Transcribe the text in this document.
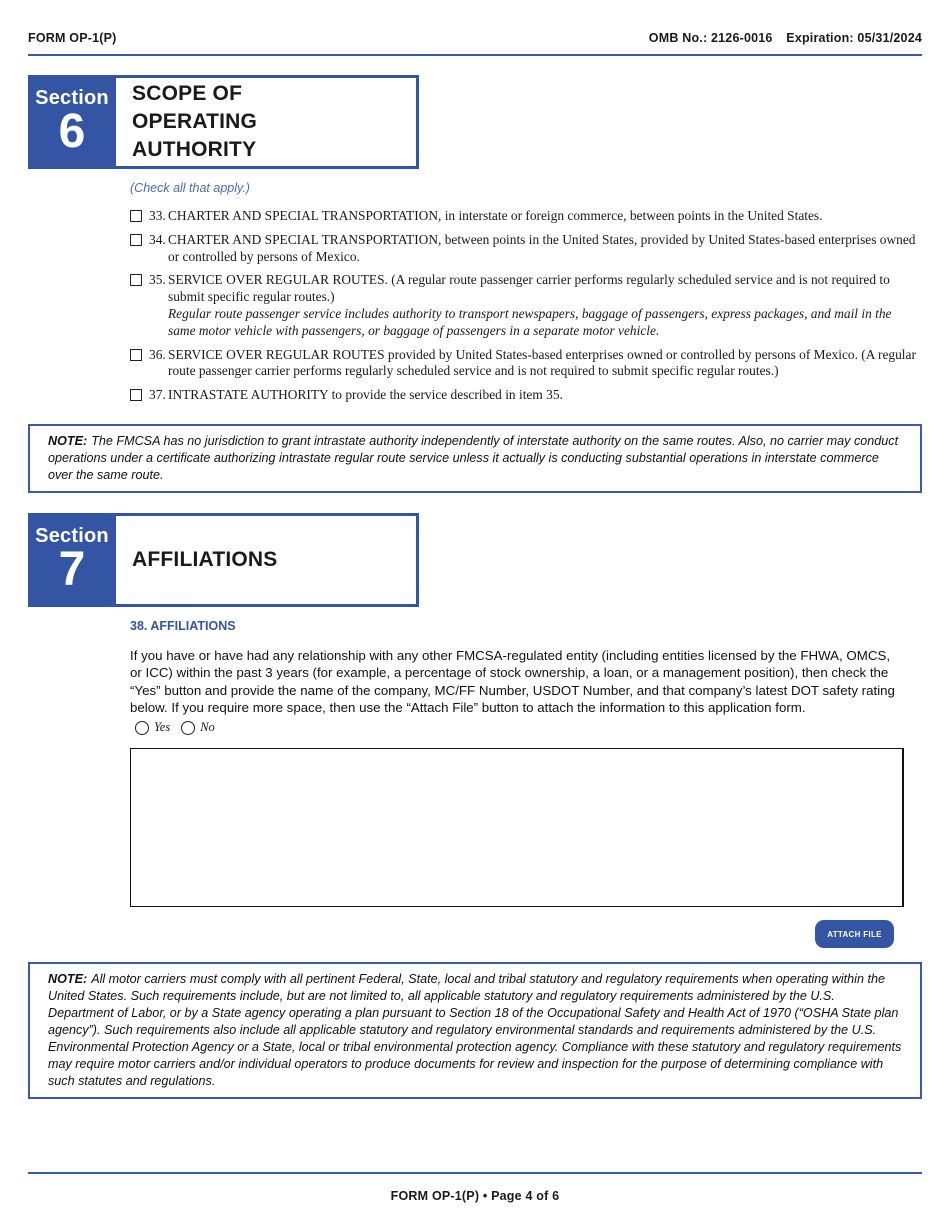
FORM OP-1(P)	OMB No.: 2126-0016 Expiration: 05/31/2024
Section
6
SCOPE OF OPERATING AUTHORITY
(Check all that apply.)
33. CHARTER AND SPECIAL TRANSPORTATION, in interstate or foreign commerce, between points in the United States.
34. CHARTER AND SPECIAL TRANSPORTATION, between points in the United States, provided by United States-based enterprises owned or controlled by persons of Mexico.
35. SERVICE OVER REGULAR ROUTES. (A regular route passenger carrier performs regularly scheduled service and is not required to submit specific regular routes.)
Regular route passenger service includes authority to transport newspapers, baggage of passengers, express packages, and mail in the same motor vehicle with passengers, or baggage of passengers in a separate motor vehicle.
36. SERVICE OVER REGULAR ROUTES provided by United States-based enterprises owned or controlled by persons of Mexico. (A regular route passenger carrier performs regularly scheduled service and is not required to submit specific regular routes.)
37. INTRASTATE AUTHORITY to provide the service described in item 35.
NOTE: The FMCSA has no jurisdiction to grant intrastate authority independently of interstate authority on the same routes. Also, no carrier may conduct operations under a certificate authorizing intrastate regular route service unless it actually is conducting substantial operations in interstate commerce over the same route.
Section
7	AFFILIATIONS
38. AFFILIATIONS
If you have or have had any relationship with any other FMCSA-regulated entity (including entities licensed by the FHWA, OMCS, or ICC) within the past 3 years (for example, a percentage of stock ownership, a loan, or a management position), then check the “Yes” button and provide the name of the company, MC/FF Number, USDOT Number, and that company’s latest DOT safety rating below. If you require more space, then use the “Attach File” button to attach the information to this application form.
Yes No
ATTACH FILE
NOTE: All motor carriers must comply with all pertinent Federal, State, local and tribal statutory and regulatory requirements when operating within the United States. Such requirements include, but are not limited to, all applicable statutory and regulatory requirements administered by the U.S. Department of Labor, or by a State agency operating a plan pursuant to Section 18 of the Occupational Safety and Health Act of 1970 (“OSHA State plan agency”). Such requirements also include all applicable statutory and regulatory environmental standards and requirements administered by the U.S. Environmental Protection Agency or a State, local or tribal environmental protection agency. Compliance with these statutory and regulatory requirements may require motor carriers and/or individual operators to produce documents for review and inspection for the purpose of determining compliance with such statutes and regulations.
FORM OP-1(P) • Page 4 of 6
